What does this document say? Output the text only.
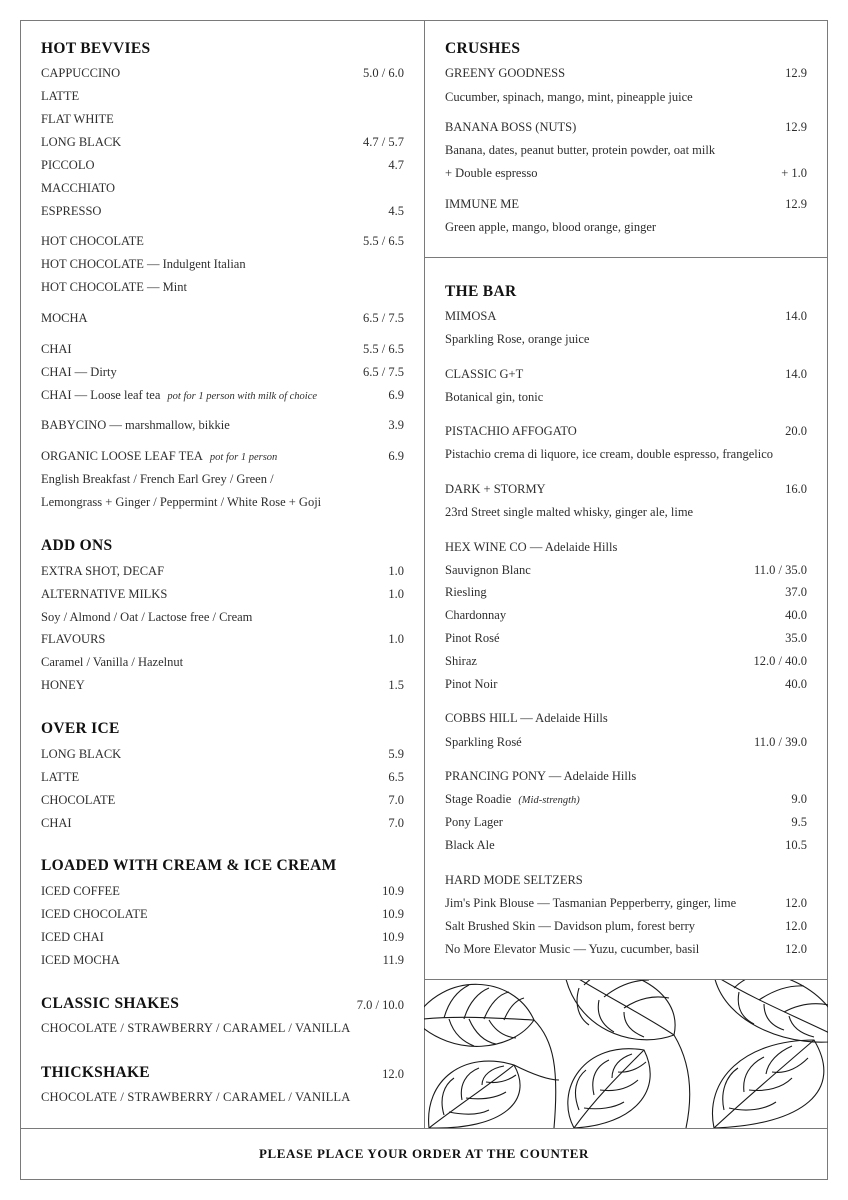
HOT BEVVIES
CAPPUCCINO	5.0 / 6.0
LATTE
FLAT WHITE
LONG BLACK	4.7 / 5.7
PICCOLO	4.7
MACCHIATO
ESPRESSO	4.5
HOT CHOCOLATE	5.5 / 6.5
HOT CHOCOLATE — Indulgent Italian
HOT CHOCOLATE — Mint
MOCHA	6.5 / 7.5
CHAI	5.5 / 6.5
CHAI — Dirty	6.5 / 7.5
CHAI — Loose leaf tea pot for 1 person with milk of choice	6.9
BABYCINO — marshmallow, bikkie	3.9
ORGANIC LOOSE LEAF TEA pot for 1 person	6.9
English Breakfast / French Earl Grey / Green /
Lemongrass + Ginger / Peppermint / White Rose + Goji
ADD ONS
EXTRA SHOT, DECAF	1.0
ALTERNATIVE MILKS	1.0
Soy / Almond / Oat / Lactose free / Cream
FLAVOURS	1.0
Caramel / Vanilla / Hazelnut
HONEY	1.5
OVER ICE
LONG BLACK	5.9
LATTE	6.5
CHOCOLATE	7.0
CHAI	7.0
LOADED WITH CREAM & ICE CREAM
ICED COFFEE	10.9
ICED CHOCOLATE	10.9
ICED CHAI	10.9
ICED MOCHA	11.9
CLASSIC SHAKES	7.0 / 10.0
CHOCOLATE / STRAWBERRY / CARAMEL / VANILLA
THICKSHAKE	12.0
CHOCOLATE / STRAWBERRY / CARAMEL / VANILLA
CRUSHES
GREENY GOODNESS	12.9
Cucumber, spinach, mango, mint, pineapple juice
BANANA BOSS (NUTS)	12.9
Banana, dates, peanut butter, protein powder, oat milk
+ Double espresso	+ 1.0
IMMUNE ME	12.9
Green apple, mango, blood orange, ginger
THE BAR
MIMOSA	14.0
Sparkling Rose, orange juice
CLASSIC G+T	14.0
Botanical gin, tonic
PISTACHIO AFFOGATO	20.0
Pistachio crema di liquore, ice cream, double espresso, frangelico
DARK + STORMY	16.0
23rd Street single malted whisky, ginger ale, lime
HEX WINE CO — Adelaide Hills
Sauvignon Blanc	11.0 / 35.0
Riesling	37.0
Chardonnay	40.0
Pinot Rosé	35.0
Shiraz	12.0 / 40.0
Pinot Noir	40.0
COBBS HILL — Adelaide Hills
Sparkling Rosé	11.0 / 39.0
PRANCING PONY — Adelaide Hills
Stage Roadie (Mid-strength)	9.0
Pony Lager	9.5
Black Ale	10.5
HARD MODE SELTZERS
Jim's Pink Blouse — Tasmanian Pepperberry, ginger, lime	12.0
Salt Brushed Skin — Davidson plum, forest berry	12.0
No More Elevator Music — Yuzu, cucumber, basil	12.0
PLEASE PLACE YOUR ORDER AT THE COUNTER
